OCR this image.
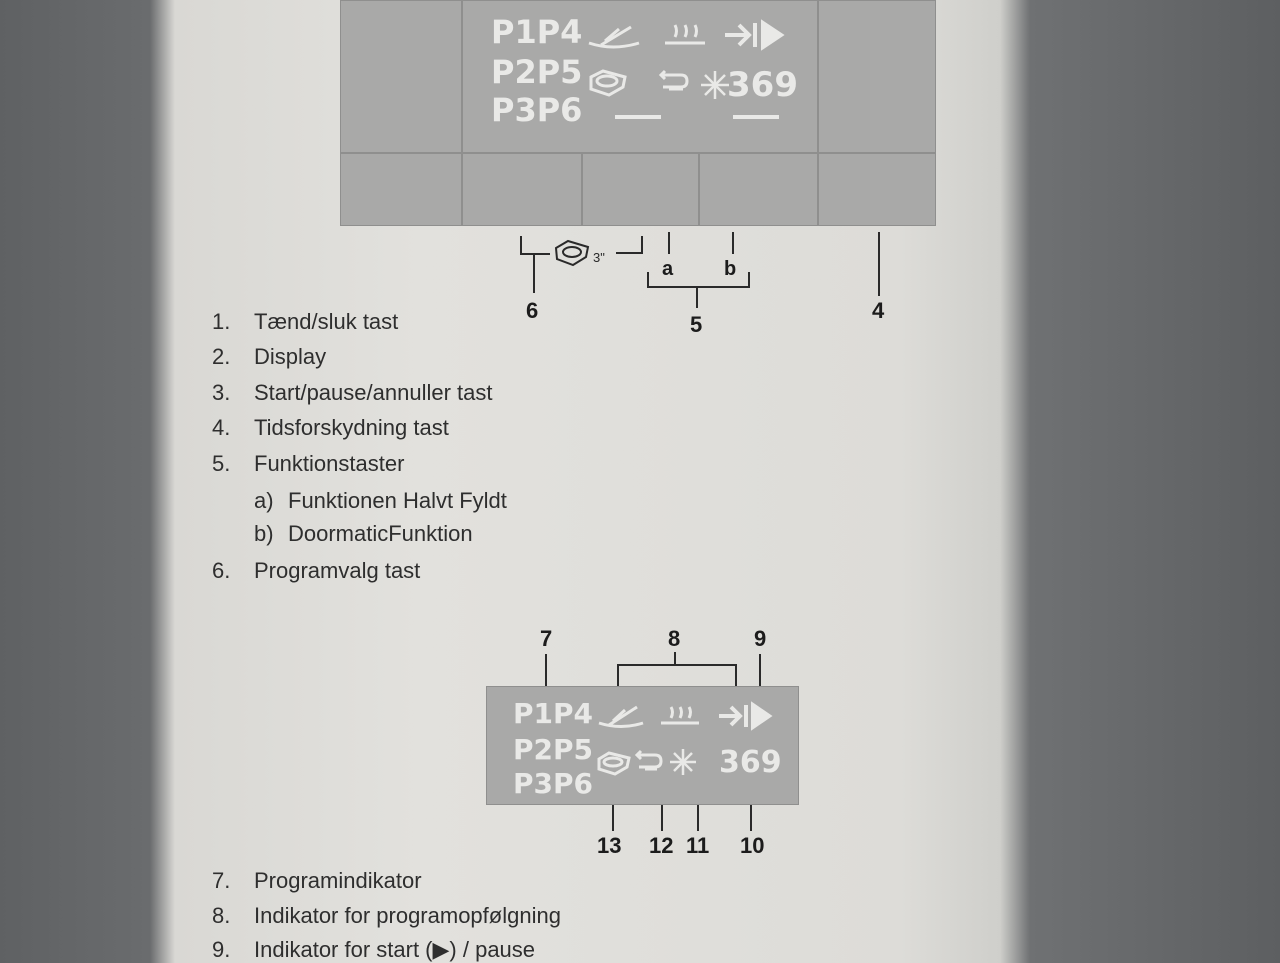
P1P4
P2P5
P3P6
369
3"
a	b
6
5
4
1. Tænd/sluk tast
2. Display
3. Start/pause/annuller tast
4. Tidsforskydning tast
5. Funktionstaster
a) Funktionen Halvt Fyldt
b) DoormaticFunktion
6. Programvalg tast
7	8	9
P1P4
P2P5
P3P6
369
13 12 11 10
7. Programindikator
8. Indikator for programopfølgning
9. Indikator for start (▶) / pause
